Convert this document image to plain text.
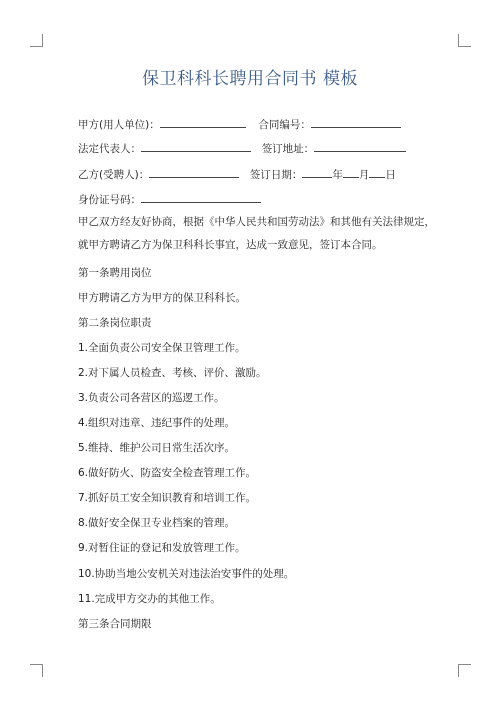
保卫科科长聘用合同书 模板
甲方(用人单位)：	合同编号：
法定代表人：	签订地址：
乙方(受聘人)：	签订日期：	年 月 日
身份证号码：
甲乙双方经友好协商，根据《中华人民共和国劳动法》和其他有关法律规定，就甲方聘请乙方为保卫科科长事宜，达成一致意见，签订本合同。
第一条聘用岗位
甲方聘请乙方为甲方的保卫科科长。
第二条岗位职责
1.全面负责公司安全保卫管理工作。
2.对下属人员检查、考核、评价、激励。
3.负责公司各营区的巡逻工作。
4.组织对违章、违纪事件的处理。
5.维持、维护公司日常生活次序。
6.做好防火、防盗安全检查管理工作。
7.抓好员工安全知识教育和培训工作。
8.做好安全保卫专业档案的管理。
9.对暂住证的登记和发放管理工作。
10.协助当地公安机关对违法治安事件的处理。
11.完成甲方交办的其他工作。
第三条合同期限
